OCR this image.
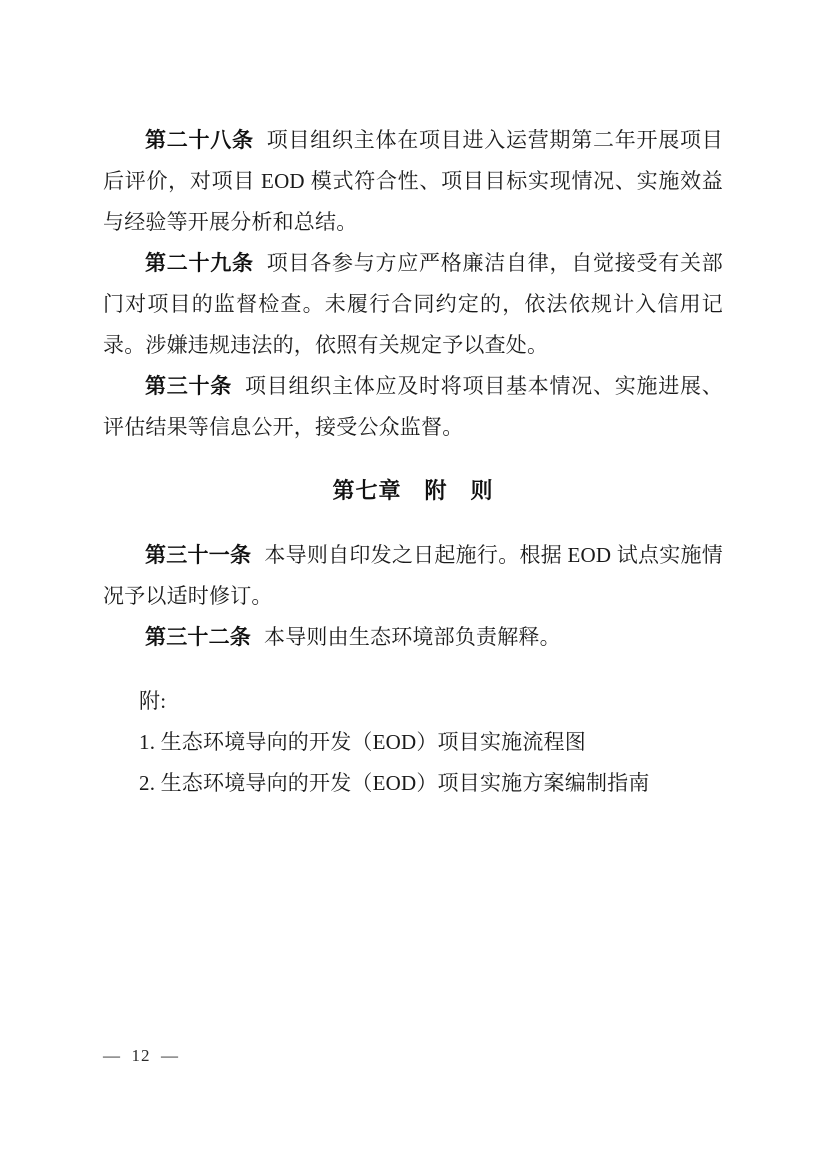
第二十八条 项目组织主体在项目进入运营期第二年开展项目后评价，对项目 EOD 模式符合性、项目目标实现情况、实施效益与经验等开展分析和总结。

第二十九条 项目各参与方应严格廉洁自律，自觉接受有关部门对项目的监督检查。未履行合同约定的，依法依规计入信用记录。涉嫌违规违法的，依照有关规定予以查处。

第三十条 项目组织主体应及时将项目基本情况、实施进展、评估结果等信息公开，接受公众监督。

第七章　附　则

第三十一条 本导则自印发之日起施行。根据 EOD 试点实施情况予以适时修订。

第三十二条 本导则由生态环境部负责解释。

附:

1. 生态环境导向的开发（EOD）项目实施流程图

2. 生态环境导向的开发（EOD）项目实施方案编制指南

—  12  —
